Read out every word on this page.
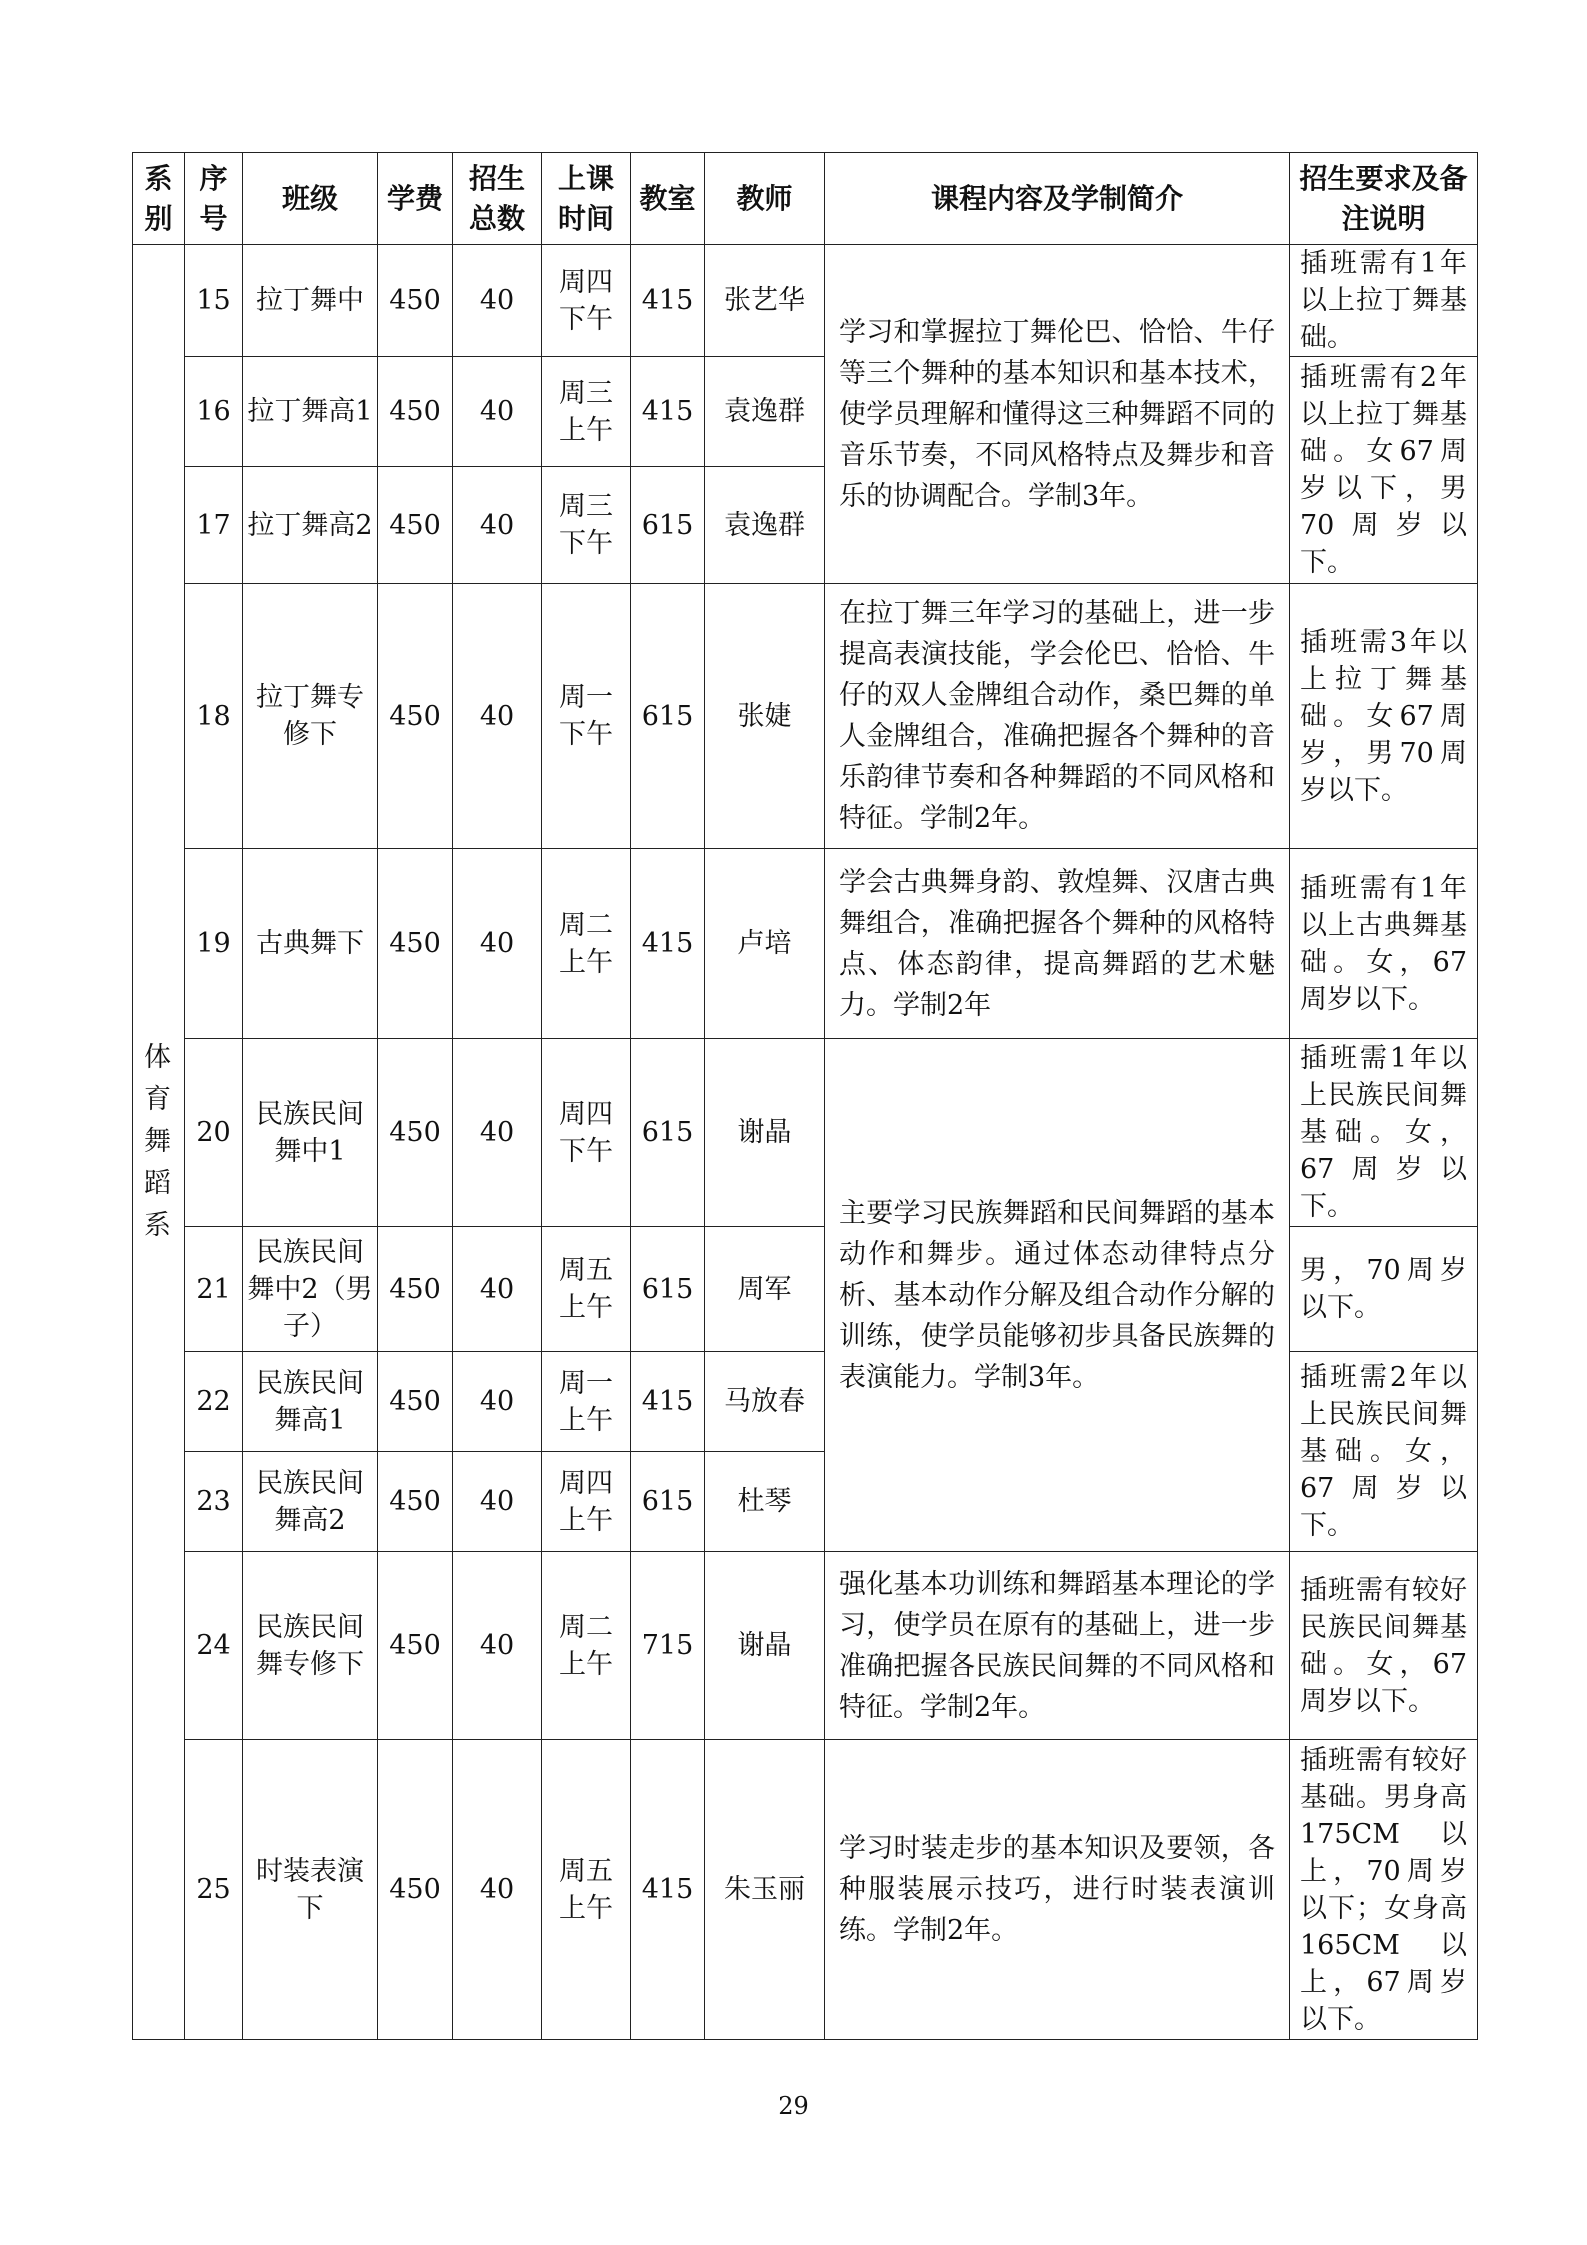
系别	序号	班级	学费	招生总数	上课时间	教室	教师	课程内容及学制简介	招生要求及备注说明
体育舞蹈系	15	拉丁舞中	450	40	周四下午	415	张艺华	学习和掌握拉丁舞伦巴、恰恰、牛仔等三个舞种的基本知识和基本技术，使学员理解和懂得这三种舞蹈不同的音乐节奏，不同风格特点及舞步和音乐的协调配合。学制3年。	插班需有1年以上拉丁舞基础。
	16	拉丁舞高1	450	40	周三上午	415	袁逸群		插班需有2年以上拉丁舞基础。女67周岁以下，男70周岁以下。
	17	拉丁舞高2	450	40	周三下午	615	袁逸群		
	18	拉丁舞专修下	450	40	周一下午	615	张婕	在拉丁舞三年学习的基础上，进一步提高表演技能，学会伦巴、恰恰、牛仔的双人金牌组合动作，桑巴舞的单人金牌组合，准确把握各个舞种的音乐韵律节奏和各种舞蹈的不同风格和特征。学制2年。	插班需3年以上拉丁舞基础。女67周岁，男70周岁以下。
	19	古典舞下	450	40	周二上午	415	卢培	学会古典舞身韵、敦煌舞、汉唐古典舞组合，准确把握各个舞种的风格特点、体态韵律，提高舞蹈的艺术魅力。学制2年	插班需有1年以上古典舞基础。女，67周岁以下。
	20	民族民间舞中1	450	40	周四下午	615	谢晶	主要学习民族舞蹈和民间舞蹈的基本动作和舞步。通过体态动律特点分析、基本动作分解及组合动作分解的训练，使学员能够初步具备民族舞的表演能力。学制3年。	插班需1年以上民族民间舞基础。女，67周岁以下。
	21	民族民间舞中2（男子）	450	40	周五上午	615	周军		男，70周岁以下。
	22	民族民间舞高1	450	40	周一上午	415	马放春		插班需2年以上民族民间舞基础。女，67周岁以下。
	23	民族民间舞高2	450	40	周四上午	615	杜琴		
	24	民族民间舞专修下	450	40	周二上午	715	谢晶	强化基本功训练和舞蹈基本理论的学习，使学员在原有的基础上，进一步准确把握各民族民间舞的不同风格和特征。学制2年。	插班需有较好民族民间舞基础。女，67周岁以下。
	25	时装表演下	450	40	周五上午	415	朱玉丽	学习时装走步的基本知识及要领，各种服装展示技巧，进行时装表演训练。学制2年。	插班需有较好基础。男身高175CM以上，70周岁以下；女身高165CM以上，67周岁以下。
29
